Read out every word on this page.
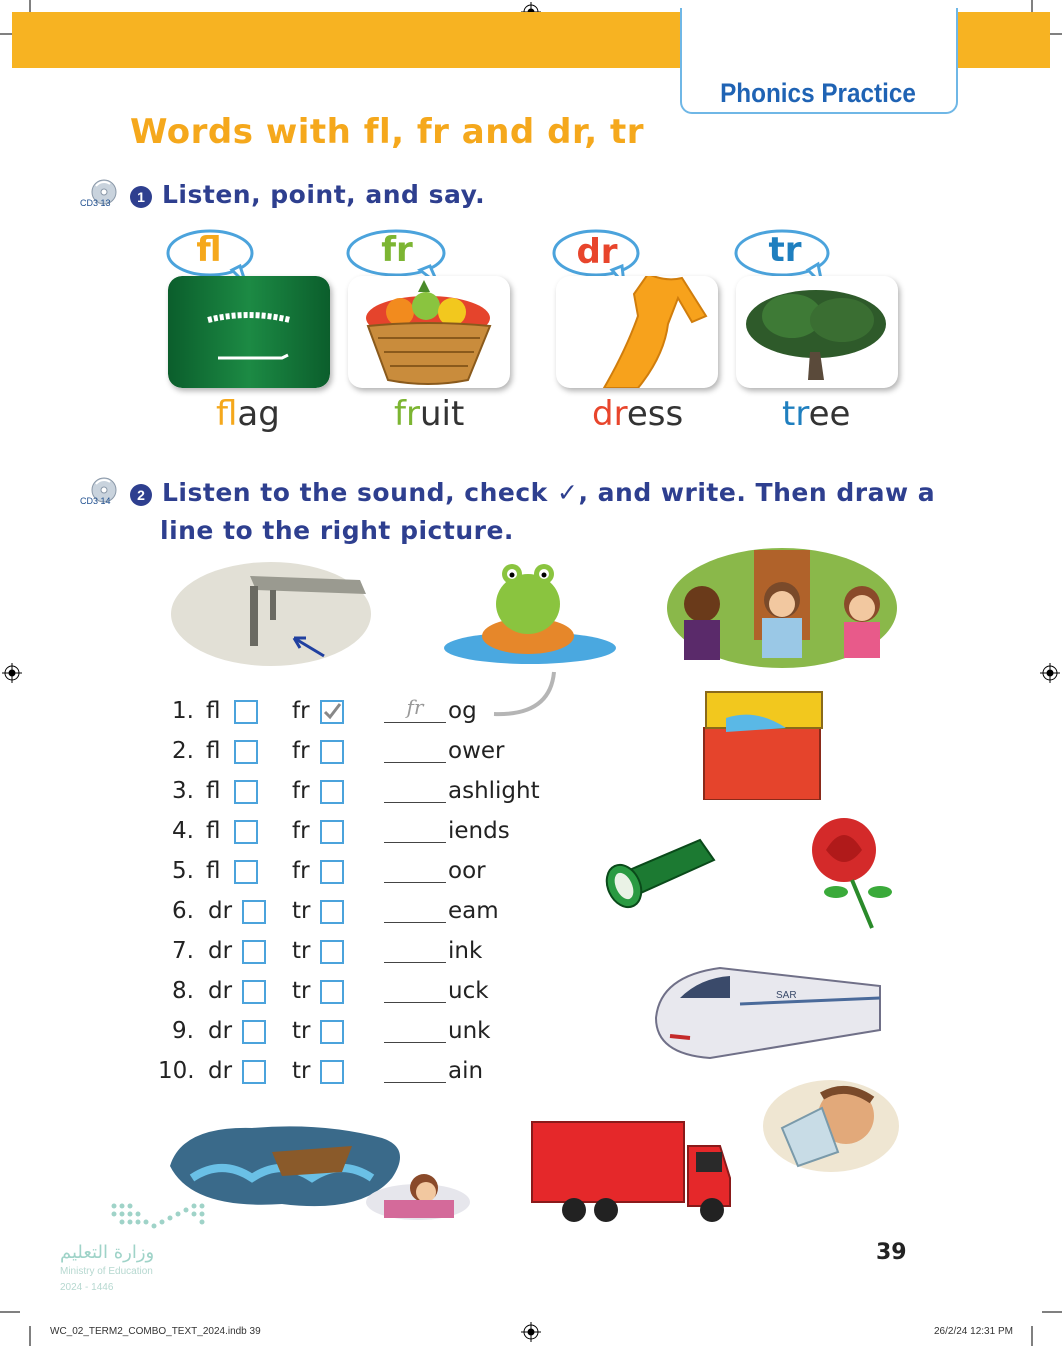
Phonics Practice
Words with fl, fr and dr, tr
CD3 13	1 Listen, point, and say.
fl	fr	dr	tr
flag	fruit	dress	tree
CD3 14	2 Listen to the sound, check ✓, and write. Then draw a
line to the right picture.
1. fl	fr	fr	og
2. fl	fr	ower
3. fl	fr	ashlight
4. fl	fr	iends
5. fl	fr	oor
6. dr	tr	eam
7. dr	tr	ink
8. dr	tr	uck
9. dr	tr	unk
10. dr	tr	ain
SAR
وزارة التعليم
Ministry of Education
2024 - 1446
39
WC_02_TERM2_COMBO_TEXT_2024.indb 39	26/2/24 12:31 PM
